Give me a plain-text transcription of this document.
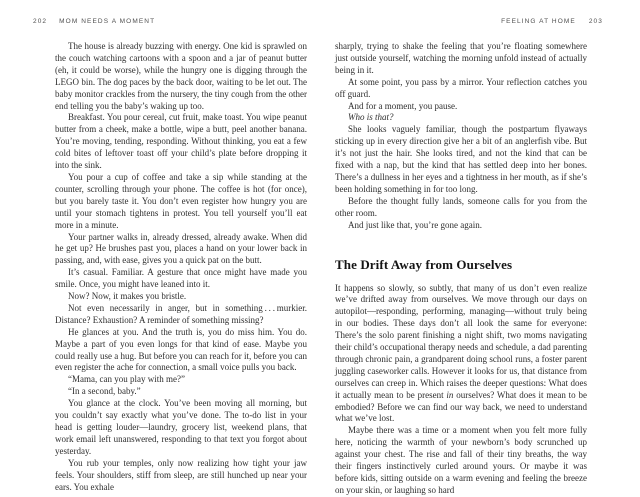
202 MOM NEEDS A MOMENT

The house is already buzzing with energy. One kid is sprawled on the couch watching cartoons with a spoon and a jar of peanut butter (eh, it could be worse), while the hungry one is digging through the LEGO bin. The dog paces by the back door, waiting to be let out. The baby monitor crackles from the nursery, the tiny cough from the other end telling you the baby’s waking up too.

Breakfast. You pour cereal, cut fruit, make toast. You wipe peanut butter from a cheek, make a bottle, wipe a butt, peel another banana. You’re moving, tending, responding. Without thinking, you eat a few cold bites of leftover toast off your child’s plate before dropping it into the sink.

You pour a cup of coffee and take a sip while standing at the counter, scrolling through your phone. The coffee is hot (for once), but you barely taste it. You don’t even register how hungry you are until your stomach tightens in protest. You tell yourself you’ll eat more in a minute.

Your partner walks in, already dressed, already awake. When did he get up? He brushes past you, places a hand on your lower back in passing, and, with ease, gives you a quick pat on the butt.

It’s casual. Familiar. A gesture that once might have made you smile. Once, you might have leaned into it.

Now? Now, it makes you bristle.

Not even necessarily in anger, but in something . . . murkier. Distance? Exhaustion? A reminder of something missing?

He glances at you. And the truth is, you do miss him. You do. Maybe a part of you even longs for that kind of ease. Maybe you could really use a hug. But before you can reach for it, before you can even register the ache for connection, a small voice pulls you back.

“Mama, can you play with me?”

“In a second, baby.”

You glance at the clock. You’ve been moving all morning, but you couldn’t say exactly what you’ve done. The to-do list in your head is getting louder—laundry, grocery list, weekend plans, that work email left unanswered, responding to that text you forgot about yesterday.

You rub your temples, only now realizing how tight your jaw feels. Your shoulders, stiff from sleep, are still hunched up near your ears. You exhale

FEELING AT HOME 203

sharply, trying to shake the feeling that you’re floating somewhere just outside yourself, watching the morning unfold instead of actually being in it.

At some point, you pass by a mirror. Your reflection catches you off guard.

And for a moment, you pause.

Who is that?

She looks vaguely familiar, though the postpartum flyaways sticking up in every direction give her a bit of an anglerfish vibe. But it’s not just the hair. She looks tired, and not the kind that can be fixed with a nap, but the kind that has settled deep into her bones. There’s a dullness in her eyes and a tightness in her mouth, as if she’s been holding something in for too long.

Before the thought fully lands, someone calls for you from the other room.

And just like that, you’re gone again.

The Drift Away from Ourselves

It happens so slowly, so subtly, that many of us don’t even realize we’ve drifted away from ourselves. We move through our days on autopilot—responding, performing, managing—without truly being in our bodies. These days don’t all look the same for everyone: There’s the solo parent finishing a night shift, two moms navigating their child’s occupational therapy needs and schedule, a dad parenting through chronic pain, a grandparent doing school runs, a foster parent juggling caseworker calls. However it looks for us, that distance from ourselves can creep in. Which raises the deeper questions: What does it actually mean to be present in ourselves? What does it mean to be embodied? Before we can find our way back, we need to understand what we’ve lost.

Maybe there was a time or a moment when you felt more fully here, noticing the warmth of your newborn’s body scrunched up against your chest. The rise and fall of their tiny breaths, the way their fingers instinctively curled around yours. Or maybe it was before kids, sitting outside on a warm evening and feeling the breeze on your skin, or laughing so hard
